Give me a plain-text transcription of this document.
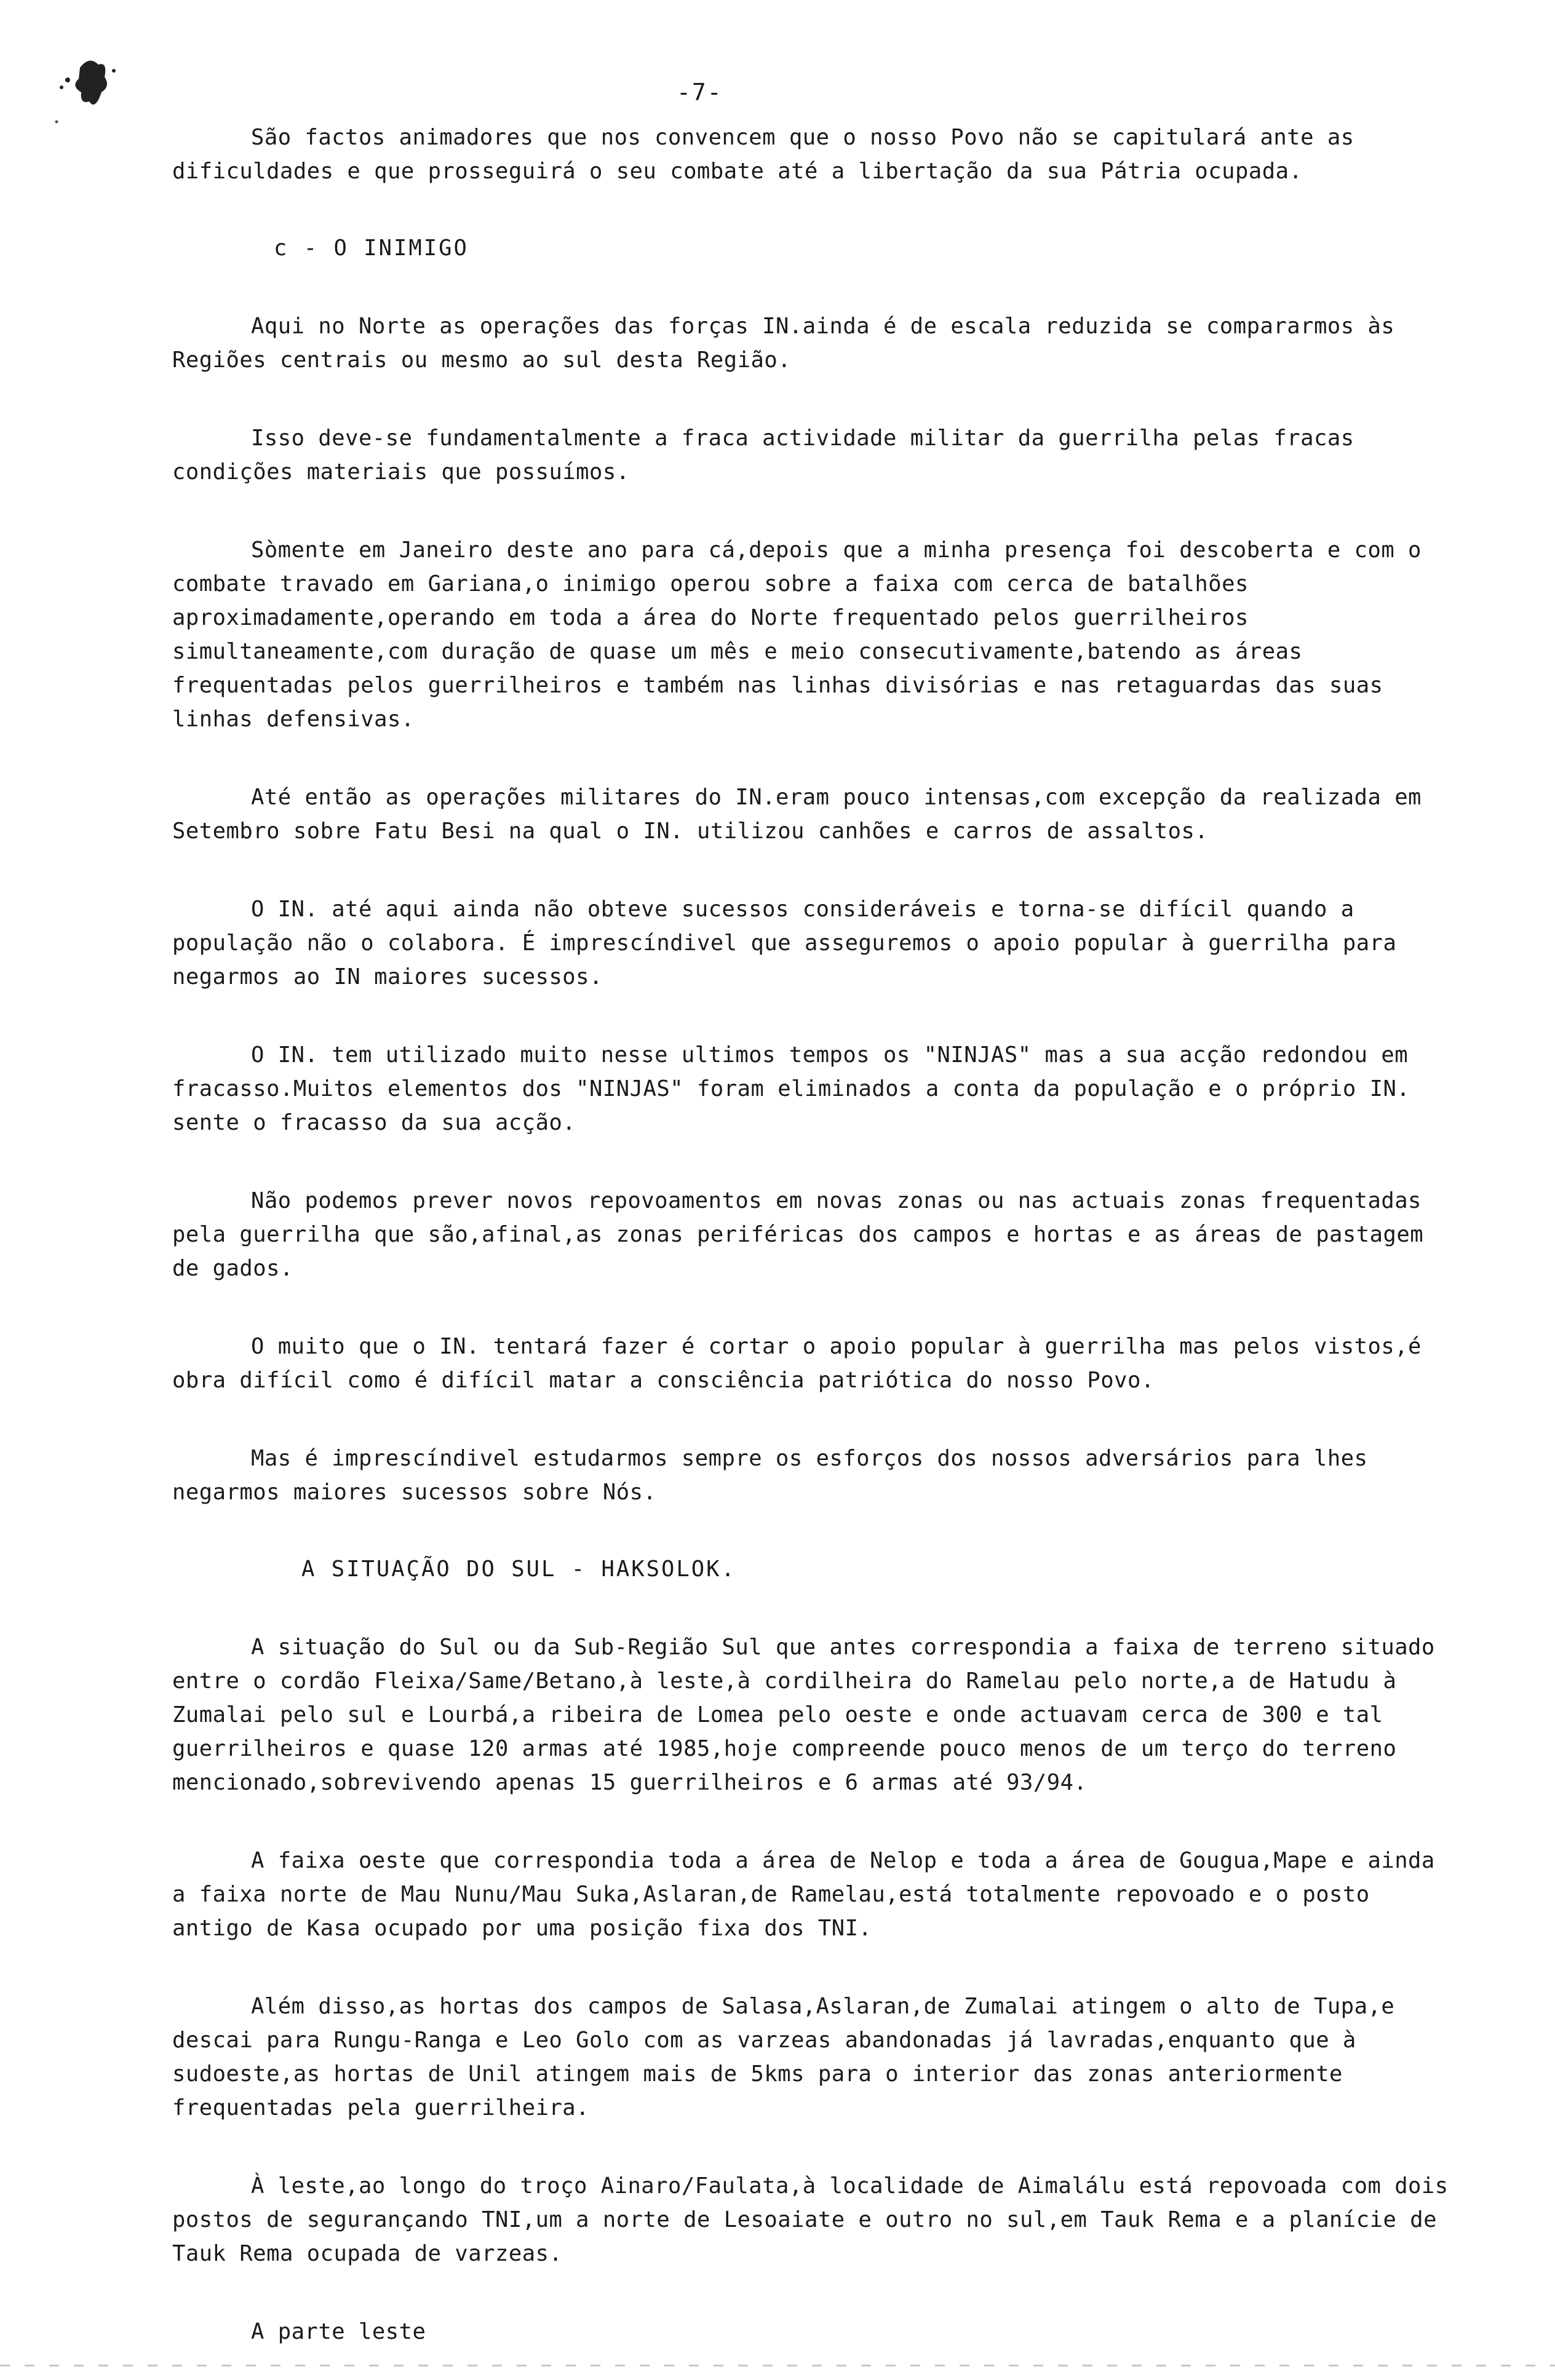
-7-

São factos animadores que nos convencem que o nosso Povo não se capitulará ante as dificuldades e que prosseguirá o seu combate até a libertação da sua Pátria ocupada.

c - O INIMIGO

Aqui no Norte as operações das forças IN.ainda é de escala reduzida se compararmos às Regiões centrais ou mesmo ao sul desta Região.

Isso deve-se fundamentalmente a fraca actividade militar da guerrilha pelas fracas condições materiais que possuímos.

Sòmente em Janeiro deste ano para cá,depois que a minha presença foi descoberta e com o combate travado em Gariana,o inimigo operou sobre a faixa com cerca de batalhões aproximadamente,operando em toda a área do Norte frequentado pelos guerrilheiros simultaneamente,com duração de quase um mês e meio consecutivamente,batendo as áreas frequentadas pelos guerrilheiros e também nas linhas divisórias e nas retaguardas das suas linhas defensivas.

Até então as operações militares do IN.eram pouco intensas,com excepção da realizada em Setembro sobre Fatu Besi na qual o IN. utilizou canhões e carros de assaltos.

O IN. até aqui ainda não obteve sucessos consideráveis e torna-se difícil quando a população não o colabora. É imprescíndivel que asseguremos o apoio popular à guerrilha para negarmos ao IN maiores sucessos.

O IN. tem utilizado muito nesse ultimos tempos os "NINJAS" mas a sua acção redondou em fracasso.Muitos elementos dos "NINJAS" foram eliminados a conta da população e o próprio IN. sente o fracasso da sua acção.

Não podemos prever novos repovoamentos em novas zonas ou nas actuais zonas frequentadas pela guerrilha que são,afinal,as zonas periféricas dos campos e hortas e as áreas de pastagem de gados.

O muito que o IN. tentará fazer é cortar o apoio popular à guerrilha mas pelos vistos,é obra difícil como é difícil matar a consciência patriótica do nosso Povo.

Mas é imprescíndivel estudarmos sempre os esforços dos nossos adversários para lhes negarmos maiores sucessos sobre Nós.

A SITUAÇÃO DO SUL - HAKSOLOK.

A situação do Sul ou da Sub-Região Sul que antes correspondia a faixa de terreno situado entre o cordão Fleixa/Same/Betano,à leste,à cordilheira do Ramelau pelo norte,a de Hatudu à Zumalai pelo sul e Lourbá,a ribeira de Lomea pelo oeste e onde actuavam cerca de 300 e tal guerrilheiros e quase 120 armas até 1985,hoje compreende pouco menos de um terço do terreno mencionado,sobrevivendo apenas 15 guerrilheiros e 6 armas até 93/94.

A faixa oeste que correspondia toda a área de Nelop e toda a área de Gougua,Mape e ainda a faixa norte de Mau Nunu/Mau Suka,Aslaran,de Ramelau,está totalmente repovoado e o posto antigo de Kasa ocupado por uma posição fixa dos TNI.

Além disso,as hortas dos campos de Salasa,Aslaran,de Zumalai atingem o alto de Tupa,e descai para Rungu-Ranga e Leo Golo com as varzeas abandonadas já lavradas,enquanto que à sudoeste,as hortas de Unil atingem mais de 5kms para o interior das zonas anteriormente frequentadas pela guerrilheira.

À leste,ao longo do troço Ainaro/Faulata,à localidade de Aimalálu está repovoada com dois postos de segurançando TNI,um a norte de Lesoaiate e outro no sul,em Tauk Rema e a planície de Tauk Rema ocupada de varzeas.

A parte leste
